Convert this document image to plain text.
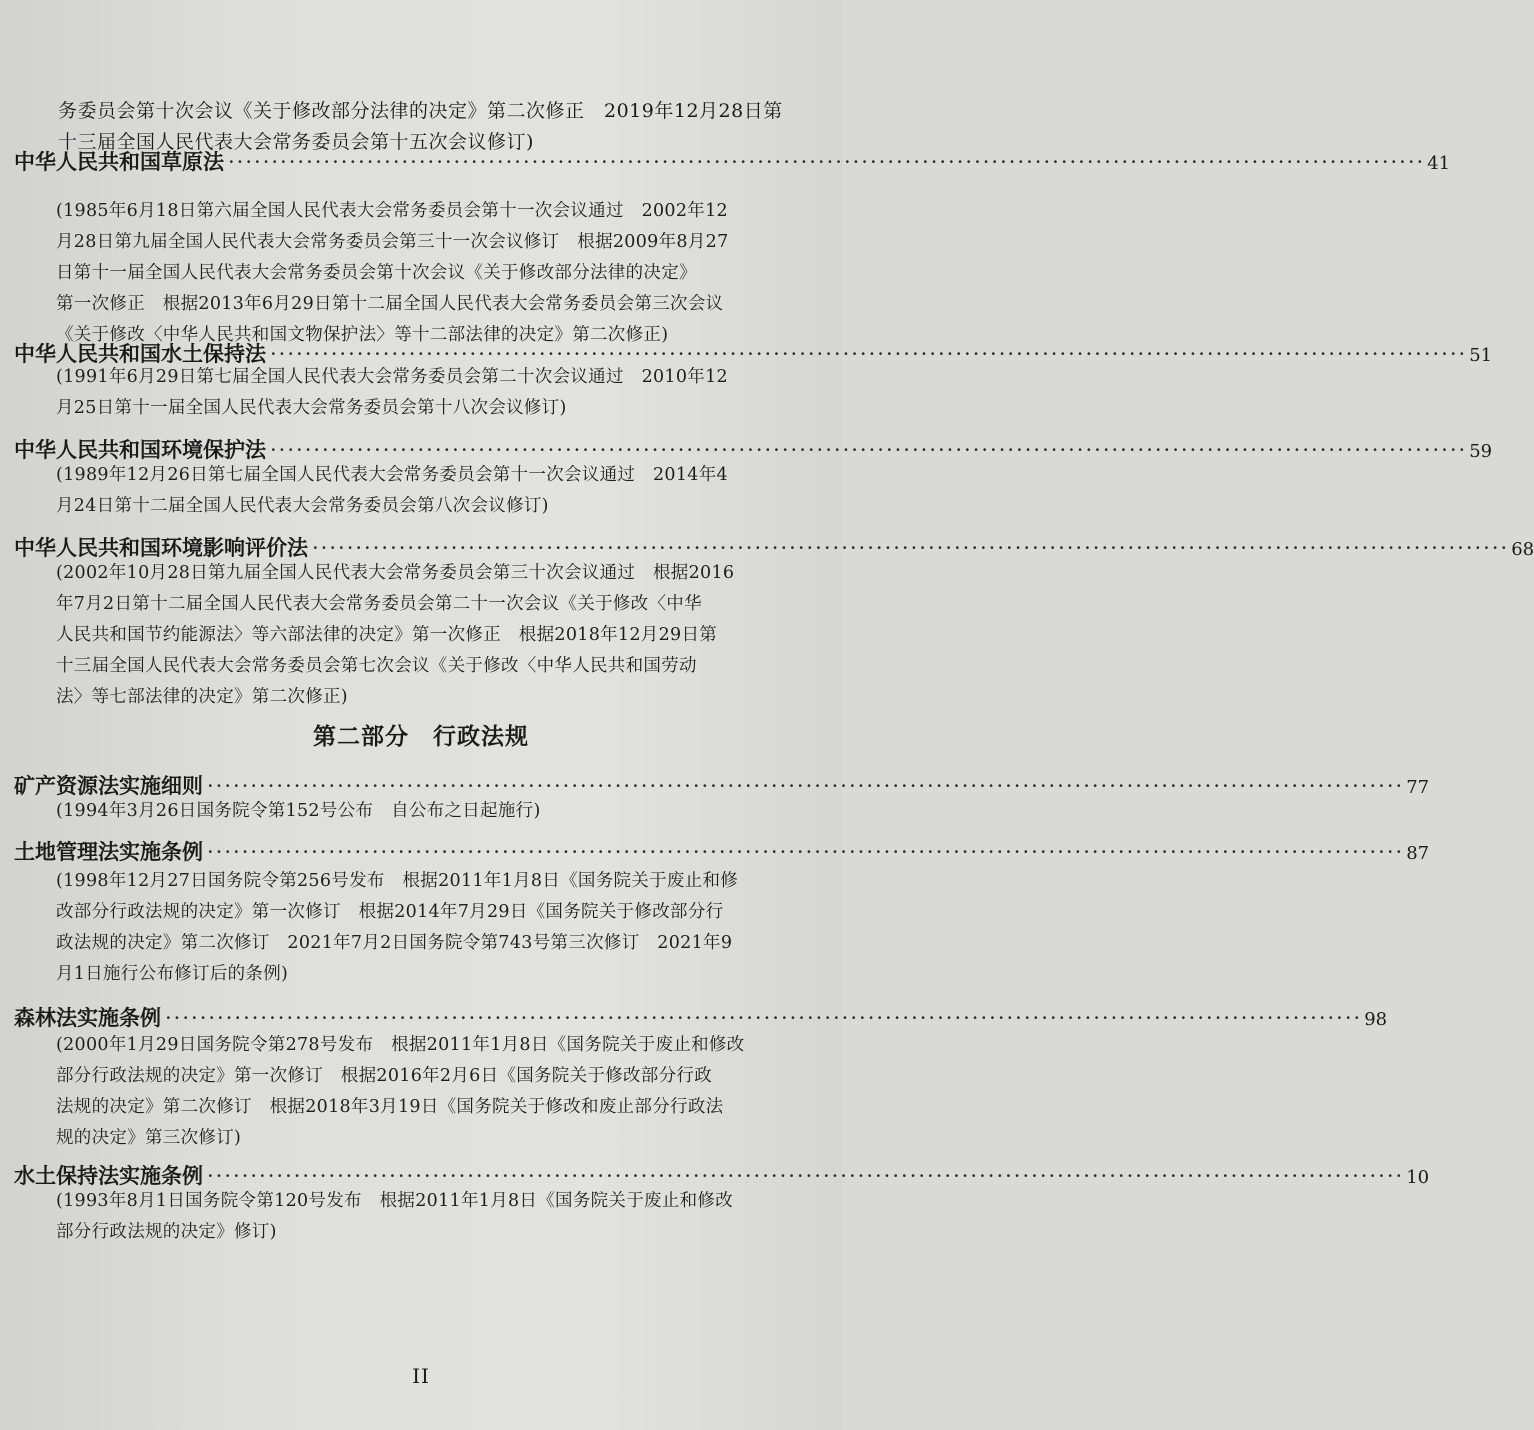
务委员会第十次会议《关于修改部分法律的决定》第二次修正　2019年12月28日第
十三届全国人民代表大会常务委员会第十五次会议修订)
中华人民共和国草原法 ·········································································································································· 41
(1985年6月18日第六届全国人民代表大会常务委员会第十一次会议通过　2002年12
月28日第九届全国人民代表大会常务委员会第三十一次会议修订　根据2009年8月27
日第十一届全国人民代表大会常务委员会第十次会议《关于修改部分法律的决定》
第一次修正　根据2013年6月29日第十二届全国人民代表大会常务委员会第三次会议
《关于修改〈中华人民共和国文物保护法〉等十二部法律的决定》第二次修正)
中华人民共和国水土保持法 ·········································································································································· 51
(1991年6月29日第七届全国人民代表大会常务委员会第二十次会议通过　2010年12
月25日第十一届全国人民代表大会常务委员会第十八次会议修订)
中华人民共和国环境保护法 ·········································································································································· 59
(1989年12月26日第七届全国人民代表大会常务委员会第十一次会议通过　2014年4
月24日第十二届全国人民代表大会常务委员会第八次会议修订)
中华人民共和国环境影响评价法 ·········································································································································· 68
(2002年10月28日第九届全国人民代表大会常务委员会第三十次会议通过　根据2016
年7月2日第十二届全国人民代表大会常务委员会第二十一次会议《关于修改〈中华
人民共和国节约能源法〉等六部法律的决定》第一次修正　根据2018年12月29日第
十三届全国人民代表大会常务委员会第七次会议《关于修改〈中华人民共和国劳动
法〉等七部法律的决定》第二次修正)
第二部分　行政法规
矿产资源法实施细则 ·········································································································································· 77
(1994年3月26日国务院令第152号公布　自公布之日起施行)
土地管理法实施条例 ·········································································································································· 87
(1998年12月27日国务院令第256号发布　根据2011年1月8日《国务院关于废止和修
改部分行政法规的决定》第一次修订　根据2014年7月29日《国务院关于修改部分行
政法规的决定》第二次修订　2021年7月2日国务院令第743号第三次修订　2021年9
月1日施行公布修订后的条例)
森林法实施条例 ·········································································································································· 98
(2000年1月29日国务院令第278号发布　根据2011年1月8日《国务院关于废止和修改
部分行政法规的决定》第一次修订　根据2016年2月6日《国务院关于修改部分行政
法规的决定》第二次修订　根据2018年3月19日《国务院关于修改和废止部分行政法
规的决定》第三次修订)
水土保持法实施条例 ·········································································································································· 10
(1993年8月1日国务院令第120号发布　根据2011年1月8日《国务院关于废止和修改
部分行政法规的决定》修订)
II
